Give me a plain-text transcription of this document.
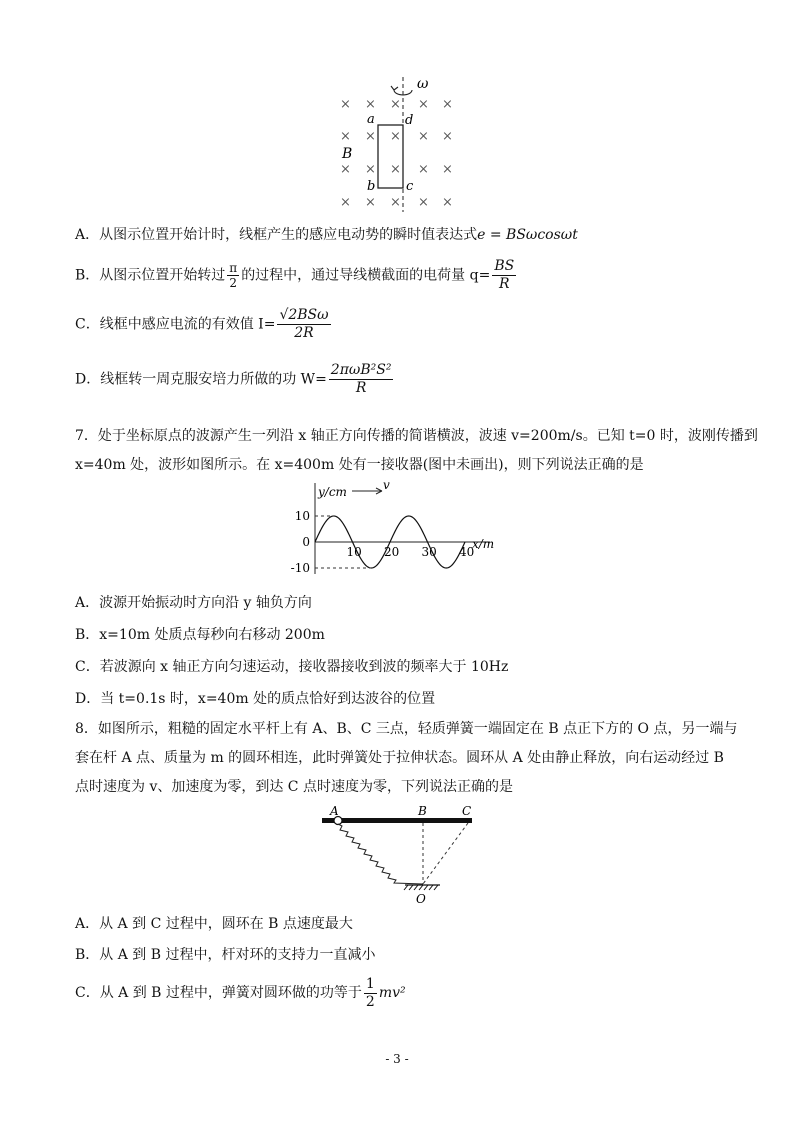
× × × × ×
× × × × ×
× × × ×
×
× × × × ×
ω
a d
b c
B
A．从图示位置开始计时，线框产生的感应电动势的瞬时值表达式e = BSωcosωt
B．从图示位置开始转过 $\frac{\pi}{2}$ 的过程中，通过导线横截面的电荷量 $q= \frac{BS}{R}$
C．线框中感应电流的有效值 $I= \frac{\text{√2BSω}}{2R}$
D．线框转一周克服安培力所做的功 $W= \frac{\text{2πωB²S²}}{R}$
7．处于坐标原点的波源产生一列沿 x 轴正方向传播的简谐横波，波速 v=200m/s。已知 t=0 时，波刚传播到
x=40m 处，波形如图所示。在 x=400m 处有一接收器(图中未画出)，则下列说法正确的是
y/cm
x/m
v
10
0
-10
10 20 30 40
A．波源开始振动时方向沿 y 轴负方向
B．x=10m 处质点每秒向右移动 200m
C．若波源向 x 轴正方向匀速运动，接收器接收到波的频率大于 10Hz
D．当 t=0.1s 时，x=40m 处的质点恰好到达波谷的位置
8．如图所示，粗糙的固定水平杆上有 A、B、C 三点，轻质弹簧一端固定在 B 点正下方的 O 点，另一端与
套在杆 A 点、质量为 m 的圆环相连，此时弹簧处于拉伸状态。圆环从 A 处由静止释放，向右运动经过 B
点时速度为 v、加速度为零，到达 C 点时速度为零，下列说法正确的是
A	B	C
O
A．从 A 到 C 过程中，圆环在 B 点速度最大
B．从 A 到 B 过程中，杆对环的支持力一直减小
C．从 A 到 B 过程中，弹簧对圆环做的功等于 $\frac{1}{2} mv^2$
- 3 -
